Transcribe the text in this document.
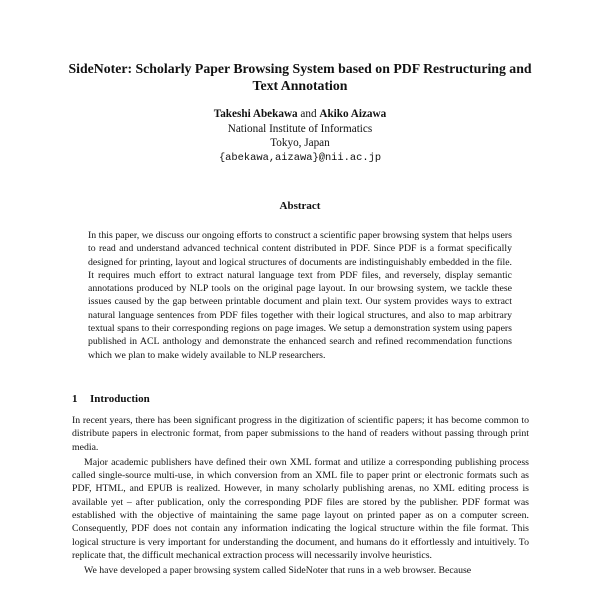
SideNoter: Scholarly Paper Browsing System based on PDF Restructuring and Text Annotation
Takeshi Abekawa and Akiko Aizawa
National Institute of Informatics
Tokyo, Japan
{abekawa,aizawa}@nii.ac.jp
Abstract

In this paper, we discuss our ongoing efforts to construct a scientific paper browsing system that helps users to read and understand advanced technical content distributed in PDF. Since PDF is a format specifically designed for printing, layout and logical structures of documents are indistinguishably embedded in the file. It requires much effort to extract natural language text from PDF files, and reversely, display semantic annotations produced by NLP tools on the original page layout. In our browsing system, we tackle these issues caused by the gap between printable document and plain text. Our system provides ways to extract natural language sentences from PDF files together with their logical structures, and also to map arbitrary textual spans to their corresponding regions on page images. We setup a demonstration system using papers published in ACL anthology and demonstrate the enhanced search and refined recommendation functions which we plan to make widely available to NLP researchers.

1 Introduction

In recent years, there has been significant progress in the digitization of scientific papers; it has become common to distribute papers in electronic format, from paper submissions to the hand of readers without passing through print media.

Major academic publishers have defined their own XML format and utilize a corresponding publishing process called single-source multi-use, in which conversion from an XML file to paper print or electronic formats such as PDF, HTML, and EPUB is realized. However, in many scholarly publishing arenas, no XML editing process is available yet – after publication, only the corresponding PDF files are stored by the publisher. PDF format was established with the objective of maintaining the same page layout on printed paper as on a computer screen. Consequently, PDF does not contain any information indicating the logical structure within the file format. This logical structure is very important for understanding the document, and humans do it effortlessly and intuitively. To replicate that, the difficult mechanical extraction process will necessarily involve heuristics.

We have developed a paper browsing system called SideNoter that runs in a web browser. Because
